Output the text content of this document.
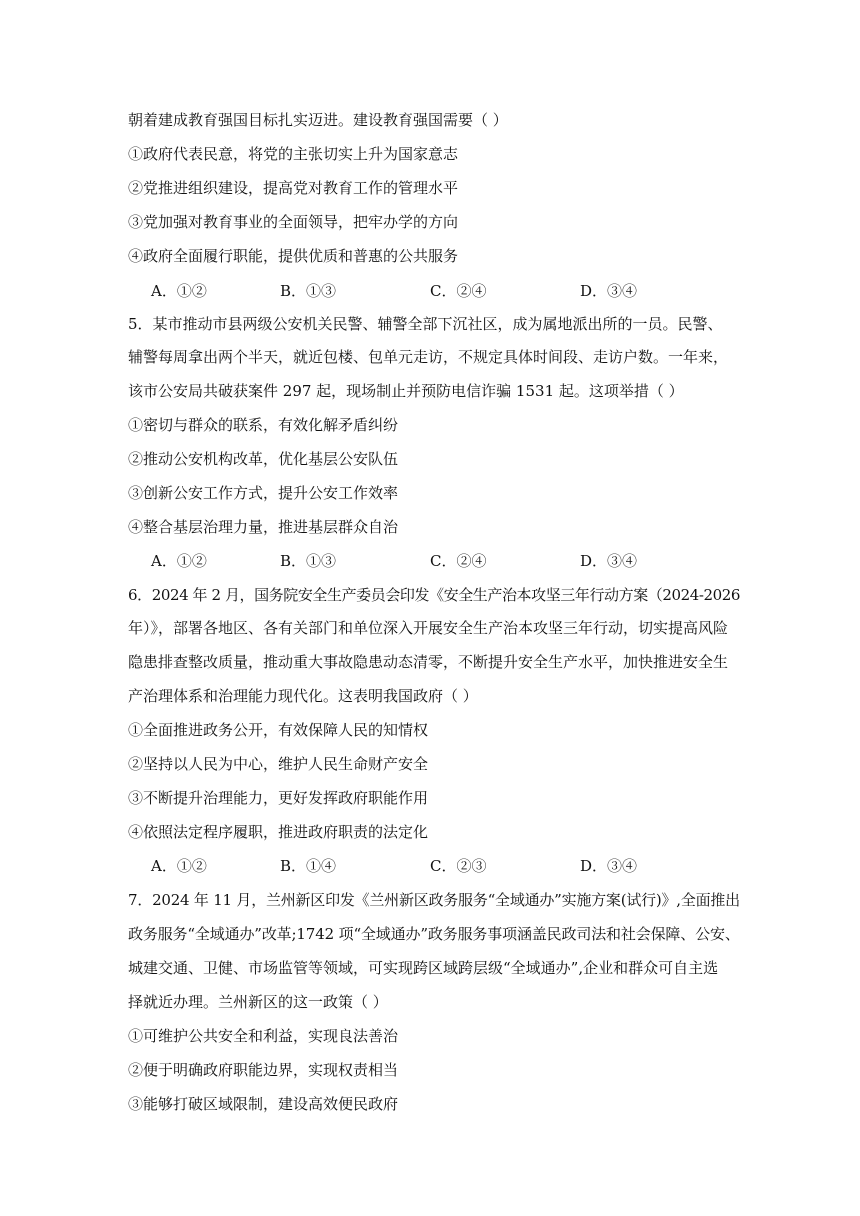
朝着建成教育强国目标扎实迈进。建设教育强国需要（ ）
①政府代表民意，将党的主张切实上升为国家意志
②党推进组织建设，提高党对教育工作的管理水平
③党加强对教育事业的全面领导，把牢办学的方向
④政府全面履行职能，提供优质和普惠的公共服务
A．①②	B．①③	C．②④	D．③④
5．某市推动市县两级公安机关民警、辅警全部下沉社区，成为属地派出所的一员。民警、
辅警每周拿出两个半天，就近包楼、包单元走访，不规定具体时间段、走访户数。一年来，
该市公安局共破获案件 297 起，现场制止并预防电信诈骗 1531 起。这项举措（ ）
①密切与群众的联系，有效化解矛盾纠纷
②推动公安机构改革，优化基层公安队伍
③创新公安工作方式，提升公安工作效率
④整合基层治理力量，推进基层群众自治
A．①②	B．①③	C．②④	D．③④
6．2024 年 2 月，国务院安全生产委员会印发《安全生产治本攻坚三年行动方案（2024-2026
年）》，部署各地区、各有关部门和单位深入开展安全生产治本攻坚三年行动，切实提高风险
隐患排查整改质量，推动重大事故隐患动态清零，不断提升安全生产水平，加快推进安全生
产治理体系和治理能力现代化。这表明我国政府（ ）
①全面推进政务公开，有效保障人民的知情权
②坚持以人民为中心，维护人民生命财产安全
③不断提升治理能力，更好发挥政府职能作用
④依照法定程序履职，推进政府职责的法定化
A．①②	B．①④	C．②③	D．③④
7．2024 年 11 月，兰州新区印发《兰州新区政务服务“全域通办”实施方案(试行)》,全面推出
政务服务“全域通办”改革;1742 项“全域通办”政务服务事项涵盖民政司法和社会保障、公安、
城建交通、卫健、市场监管等领域，可实现跨区域跨层级“全域通办”,企业和群众可自主选
择就近办理。兰州新区的这一政策（ ）
①可维护公共安全和利益，实现良法善治
②便于明确政府职能边界，实现权责相当
③能够打破区域限制，建设高效便民政府
